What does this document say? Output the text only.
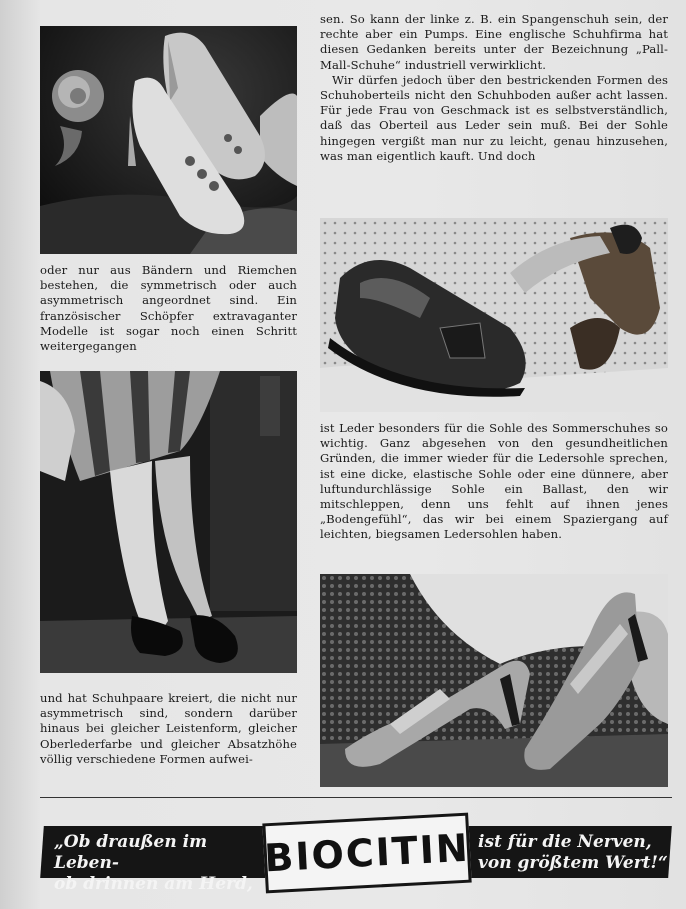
oder nur aus Bändern und Riemchen bestehen, die symmetrisch oder auch asymmetrisch angeordnet sind. Ein französischer Schöpfer extravaganter Modelle ist sogar noch einen Schritt weitergegangen

und hat Schuhpaare kreiert, die nicht nur asymmetrisch sind, sondern darüber hinaus bei gleicher Leistenform, gleicher Oberlederfarbe und gleicher Absatzhöhe völlig verschiedene Formen aufwei-

sen. So kann der linke z. B. ein Spangenschuh sein, der rechte aber ein Pumps. Eine englische Schuhfirma hat diesen Gedanken bereits unter der Bezeichnung „Pall-Mall-Schuhe“ industriell verwirklicht.

Wir dürfen jedoch über den bestrickenden Formen des Schuhoberteils nicht den Schuhboden außer acht lassen. Für jede Frau von Geschmack ist es selbstverständlich, daß das Oberteil aus Leder sein muß. Bei der Sohle hingegen vergißt man nur zu leicht, genau hinzusehen, was man eigentlich kauft. Und doch

ist Leder besonders für die Sohle des Sommerschuhes so wichtig. Ganz abgesehen von den gesundheitlichen Gründen, die immer wieder für die Ledersohle sprechen, ist eine dicke, elastische Sohle oder eine dünnere, aber luftundurchlässige Sohle ein Ballast, den wir mitschleppen, denn uns fehlt auf ihnen jenes „Bodengefühl“, das wir bei einem Spaziergang auf leichten, biegsamen Ledersohlen haben.

„Ob draußen im Leben-
ob drinnen am Herd,
BIOCITIN ist für die Nerven,
von größtem Wert!“
